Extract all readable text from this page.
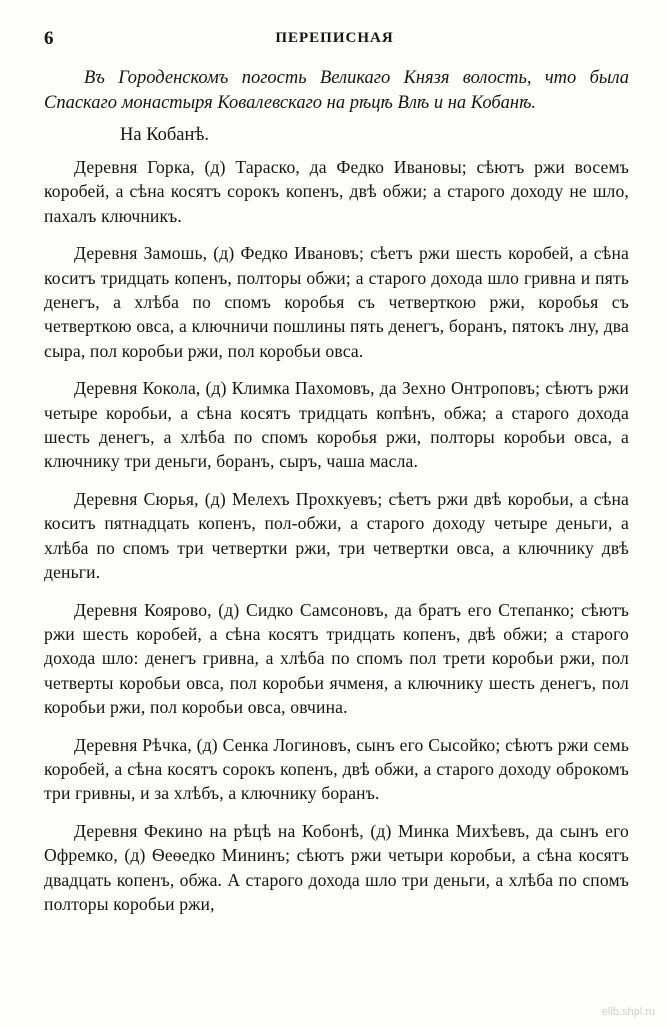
6	ПЕРЕПИСНАЯ
Въ Городенскомъ погость Великаго Князя волость, что была Спаскаго монастыря Ковалевскаго на рѣцѣ Влѣ и на Кобанѣ.
На Кобанѣ.

Деревня Горка, (д) Тараско, да Федко Ивановы; сѣютъ ржи восемъ коробей, а сѣна косятъ сорокъ копенъ, двѣ обжи; а старого доходу не шло, пахалъ ключникъ.

Деревня Замошь, (д) Федко Ивановъ; сѣетъ ржи шесть коробей, а сѣна коситъ тридцать копенъ, полторы обжи; а старого дохода шло гривна и пять денегъ, а хлѣба по спомъ коробья съ четверткою ржи, коробья съ четверткою овса, а ключничи пошлины пять денегъ, боранъ, пятокъ лну, два сыра, пол коробьи ржи, пол коробьи овса.

Деревня Кокола, (д) Климка Пахомовъ, да Зехно Онтроповъ; сѣютъ ржи четыре коробьи, а сѣна косятъ тридцать копѣнъ, обжа; а старого дохода шесть денегъ, а хлѣба по спомъ коробья ржи, полторы коробьи овса, а ключнику три деньги, боранъ, сыръ, чаша масла.

Деревня Сюрья, (д) Мелехъ Прохкуевъ; сѣетъ ржи двѣ коробьи, а сѣна коситъ пятнадцать копенъ, пол-обжи, а старого доходу четыре деньги, а хлѣба по спомъ три четвертки ржи, три четвертки овса, а ключнику двѣ деньги.

Деревня Коярово, (д) Сидко Самсоновъ, да братъ его Степанко; сѣютъ ржи шесть коробей, а сѣна косятъ тридцать копенъ, двѣ обжи; а старого дохода шло: денегъ гривна, а хлѣба по спомъ пол трети коробьи ржи, пол четверты коробьи овса, пол коробьи ячменя, а ключнику шесть денегъ, пол коробьи ржи, пол коробьи овса, овчина.

Деревня Рѣчка, (д) Сенка Логиновъ, сынъ его Сысойко; сѣютъ ржи семь коробей, а сѣна косятъ сорокъ копенъ, двѣ обжи, а старого доходу оброкомъ три гривны, и за хлѣбъ, а ключнику боранъ.

Деревня Фекино на рѣцѣ на Кобонѣ, (д) Минка Михѣевъ, да сынъ его Офремко, (д) Ѳеѳедко Мининъ; сѣютъ ржи четыри коробьи, а сѣна косятъ двадцать копенъ, обжа. А старого дохода шло три деньги, а хлѣба по спомъ полторы коробьи ржи,

elib.shpl.ru
